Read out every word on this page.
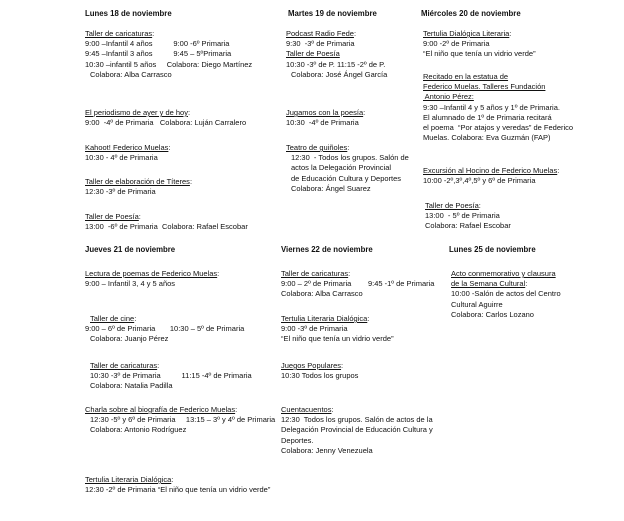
Lunes 18 de noviembre
Taller de caricaturas:
9:00 –Infantil 4 años          9:00 -6º Primaria
9:45 –Infantil 3 años          9:45 – 5ºPrimaria
10:30 –infantil 5 años     Colabora: Diego Martínez
Colabora: Alba Carrasco
El periodismo de ayer y de hoy:
9:00  -4º de Primaria   Colabora: Luján Carralero
Kahoot! Federico Muelas:
10:30 - 4º de Primaria
Taller de elaboración de Títeres:
12:30 -3º de Primaria
Taller de Poesía:
13:00  -6º de Primaria  Colabora: Rafael Escobar
Martes 19 de noviembre
Podcast Radio Fede:
9:30  -3º de Primaria
Taller de Poesía
10:30 -3º de P. 11:15 -2º de P.
Colabora: José Ángel García
Jugamos con la poesía:
10:30  -4º de Primaria
Teatro de guiñoles:
12:30  - Todos los grupos. Salón de
actos la Delegación Provincial
de Educación Cultura y Deportes
Colabora: Ángel Suarez
Miércoles 20 de noviembre
Tertulia Dialógica Literaria:
9:00 -2º de Primaria
“El niño que tenía un vidrio verde”
Recitado en la estatua de
Federico Muelas. Talleres Fundación
Antonio Pérez:
9:30 –Infantil 4 y 5 años y 1º de Primaria.
El alumnado de 1º de Primaria recitará
el poema  “Por atajos y veredas” de Federico
Muelas. Colabora: Eva Guzmán (FAP)
Excursión al Hocino de Federico Muelas:
10:00 -2º,3º,4º,5º y 6º de Primaria
Taller de Poesía:
13:00  - 5º de Primaria
Colabora: Rafael Escobar
Jueves 21 de noviembre
Lectura de poemas de Federico Muelas:
9:00 – Infantil 3, 4 y 5 años
Taller de cine:
9:00 – 6º de Primaria       10:30 – 5º de Primaria
Colabora: Juanjo Pérez
Taller de caricaturas:
10:30 -3º de Primaria          11:15 -4º de Primaria
Colabora: Natalia Padilla
Charla sobre al biografía de Federico Muelas:
12:30 -5º y 6º de Primaria     13:15 – 3º y 4º de Primaria
Colabora: Antonio Rodríguez
Tertulia Literaria Dialógica:
12:30 -2º de Primaria “El niño que tenía un vidrio verde”
Viernes 22 de noviembre
Taller de caricaturas:
9:00 – 2º de Primaria        9:45 -1º de Primaria
Colabora: Alba Carrasco
Tertulia Literaria Dialógica:
9:00 -3º de Primaria
“El niño que tenía un vidrio verde”
Juegos Populares:
10:30 Todos los grupos
Cuentacuentos:
12:30  Todos los grupos. Salón de actos de la
Delegación Provincial de Educación Cultura y
Deportes.
Colabora: Jenny Venezuela
Lunes 25 de noviembre
Acto conmemorativo y clausura
de la Semana Cultural:
10:00 -Salón de actos del Centro
Cultural Aguirre
Colabora: Carlos Lozano
